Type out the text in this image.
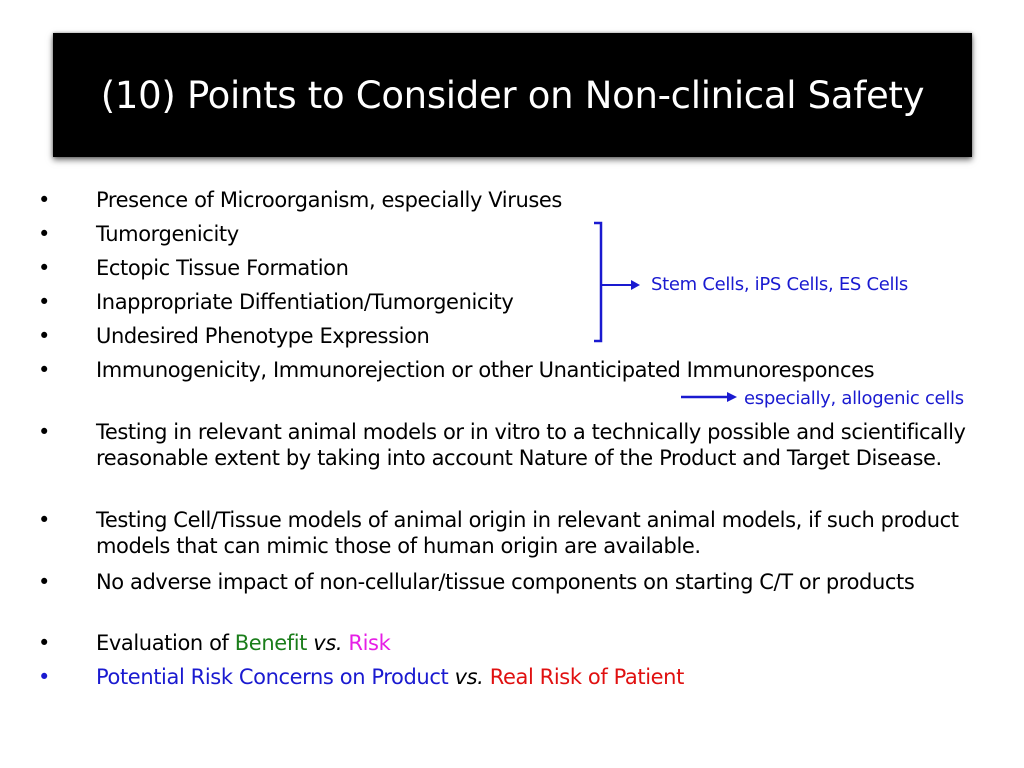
(10) Points to Consider on Non-clinical Safety
• Presence of Microorganism, especially Viruses
• Tumorgenicity
• Ectopic Tissue Formation
• Inappropriate Diffentiation/Tumorgenicity
• Undesired Phenotype Expression
• Immunogenicity, Immunorejection or other Unanticipated Immunoresponces
• Testing in relevant animal models or in vitro to a technically possible and scientifically reasonable extent by taking into account Nature of the Product and Target Disease.
• Testing Cell/Tissue models of animal origin in relevant animal models, if such product models that can mimic those of human origin are available.
• No adverse impact of non-cellular/tissue components on starting C/T or products
• Evaluation of Benefit vs. Risk
• Potential Risk Concerns on Product vs. Real Risk of Patient
Stem Cells, iPS Cells, ES Cells
especially, allogenic cells
